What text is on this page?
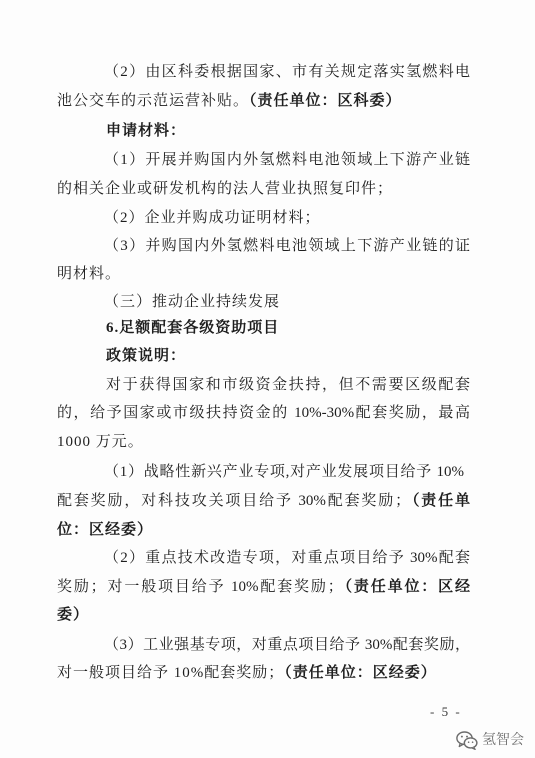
（2）由区科委根据国家、市有关规定落实氢燃料电
池公交车的示范运营补贴。（责任单位：区科委）
申请材料：
（1）开展并购国内外氢燃料电池领域上下游产业链
的相关企业或研发机构的法人营业执照复印件；
（2）企业并购成功证明材料；
（3）并购国内外氢燃料电池领域上下游产业链的证
明材料。
（三）推动企业持续发展
6.足额配套各级资助项目
政策说明：
对于获得国家和市级资金扶持，但不需要区级配套
的，给予国家或市级扶持资金的 10%-30%配套奖励，最高
1000 万元。
（1）战略性新兴产业专项,对产业发展项目给予 10%
配套奖励，对科技攻关项目给予 30%配套奖励；（责任单
位：区经委）
（2）重点技术改造专项，对重点项目给予 30%配套
奖励；对一般项目给予 10%配套奖励；（责任单位：区经
委）
（3）工业强基专项，对重点项目给予 30%配套奖励，
对一般项目给予 10%配套奖励；（责任单位：区经委）
- 5 -
氢智会
